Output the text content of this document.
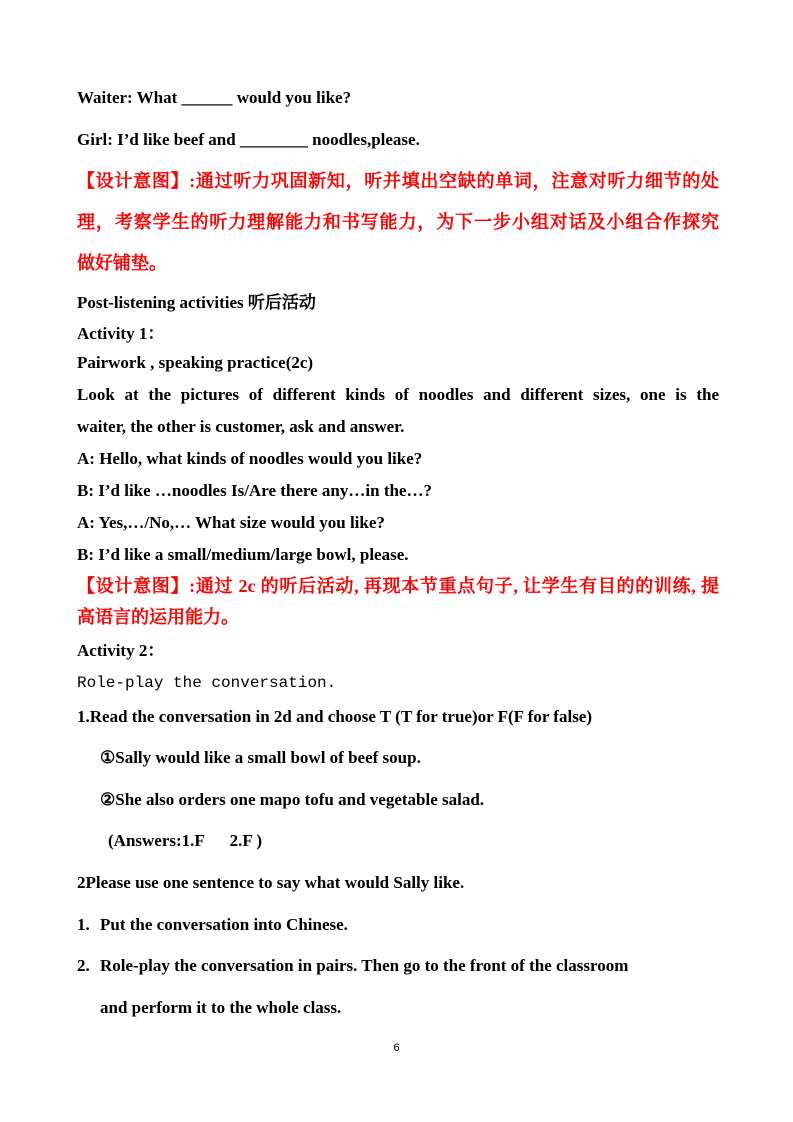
Waiter: What ______ would you like?
Girl: I’d like beef and ________ noodles,please.
【设计意图】:通过听力巩固新知，听并填出空缺的单词，注意对听力细节的处
理，考察学生的听力理解能力和书写能力，为下一步小组对话及小组合作探究
做好铺垫。
Post-listening activities 听后活动
Activity 1：
Pairwork , speaking practice(2c)
Look at the pictures of different kinds of noodles and different sizes, one is the
waiter, the other is customer, ask and answer.
A: Hello, what kinds of noodles would you like?
B: I’d like …noodles Is/Are there any…in the…?
A: Yes,…/No,… What size would you like?
B: I’d like a small/medium/large bowl, please.
【设计意图】:通过 2c 的听后活动, 再现本节重点句子, 让学生有目的的训练, 提
高语言的运用能力。
Activity 2：
Role-play the conversation.
1.Read the conversation in 2d and choose T (T for true)or F(F for false)
①Sally would like a small bowl of beef soup.
②She also orders one mapo tofu and vegetable salad.
(Answers:1.F      2.F )
2Please use one sentence to say what would Sally like.
1. Put the conversation into Chinese.
2. Role-play the conversation in pairs. Then go to the front of the classroom
and perform it to the whole class.
6
